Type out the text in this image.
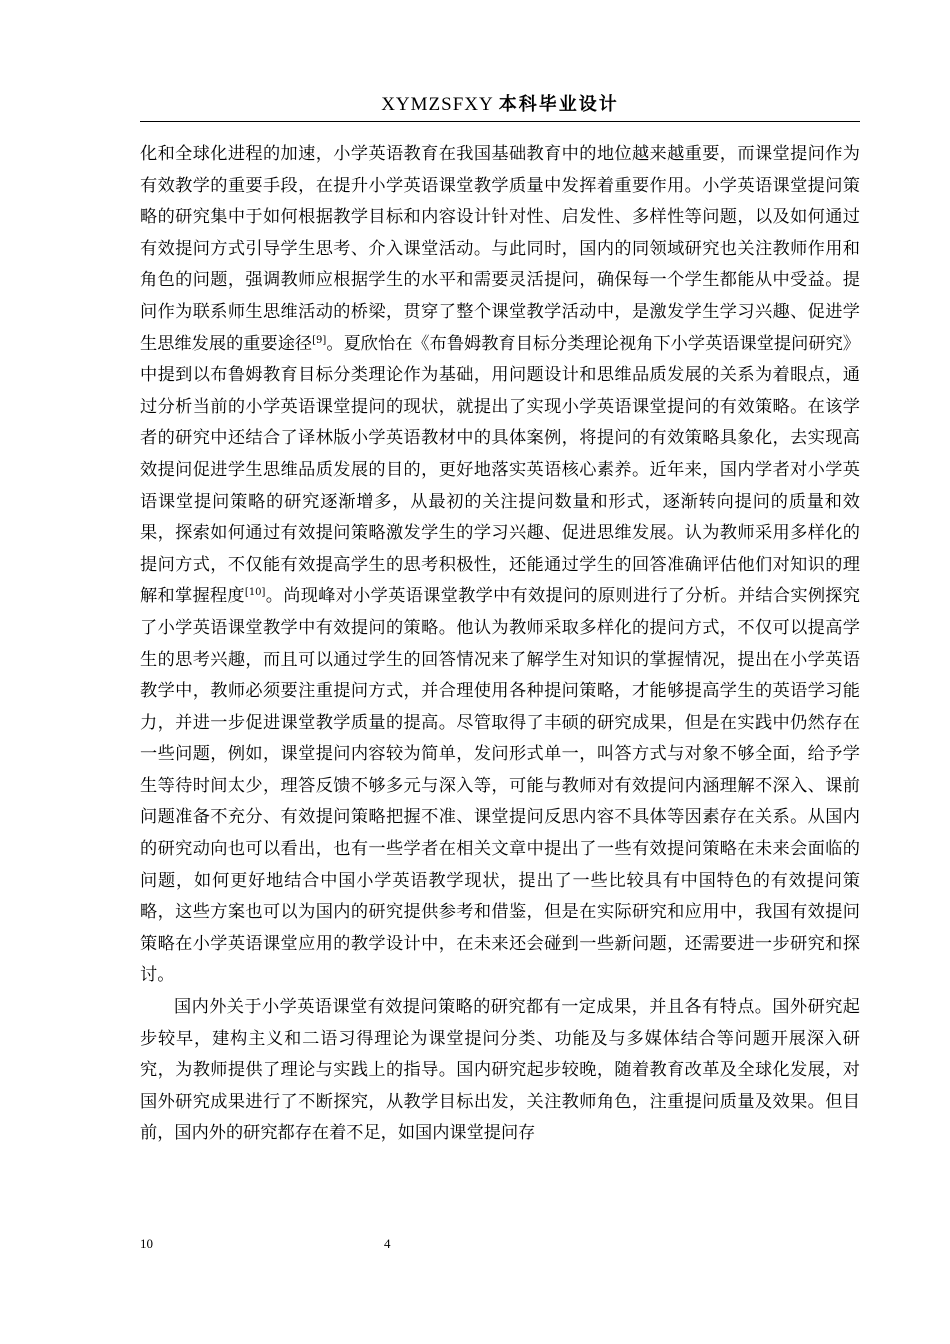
XYMZSFXY 本科毕业设计

化和全球化进程的加速，小学英语教育在我国基础教育中的地位越来越重要，而课堂提问作为有效教学的重要手段，在提升小学英语课堂教学质量中发挥着重要作用。小学英语课堂提问策略的研究集中于如何根据教学目标和内容设计针对性、启发性、多样性等问题，以及如何通过有效提问方式引导学生思考、介入课堂活动。与此同时，国内的同领域研究也关注教师作用和角色的问题，强调教师应根据学生的水平和需要灵活提问，确保每一个学生都能从中受益。提问作为联系师生思维活动的桥梁，贯穿了整个课堂教学活动中，是激发学生学习兴趣、促进学生思维发展的重要途径[9]。夏欣怡在《布鲁姆教育目标分类理论视角下小学英语课堂提问研究》中提到以布鲁姆教育目标分类理论作为基础，用问题设计和思维品质发展的关系为着眼点，通过分析当前的小学英语课堂提问的现状，就提出了实现小学英语课堂提问的有效策略。在该学者的研究中还结合了译林版小学英语教材中的具体案例，将提问的有效策略具象化，去实现高效提问促进学生思维品质发展的目的，更好地落实英语核心素养。近年来，国内学者对小学英语课堂提问策略的研究逐渐增多，从最初的关注提问数量和形式，逐渐转向提问的质量和效果，探索如何通过有效提问策略激发学生的学习兴趣、促进思维发展。认为教师采用多样化的提问方式，不仅能有效提高学生的思考积极性，还能通过学生的回答准确评估他们对知识的理解和掌握程度[10]。尚现峰对小学英语课堂教学中有效提问的原则进行了分析。并结合实例探究了小学英语课堂教学中有效提问的策略。他认为教师采取多样化的提问方式，不仅可以提高学生的思考兴趣，而且可以通过学生的回答情况来了解学生对知识的掌握情况，提出在小学英语教学中，教师必须要注重提问方式，并合理使用各种提问策略，才能够提高学生的英语学习能力，并进一步促进课堂教学质量的提高。尽管取得了丰硕的研究成果，但是在实践中仍然存在一些问题，例如，课堂提问内容较为简单，发问形式单一，叫答方式与对象不够全面，给予学生等待时间太少，理答反馈不够多元与深入等，可能与教师对有效提问内涵理解不深入、课前问题准备不充分、有效提问策略把握不准、课堂提问反思内容不具体等因素存在关系。从国内的研究动向也可以看出，也有一些学者在相关文章中提出了一些有效提问策略在未来会面临的问题，如何更好地结合中国小学英语教学现状，提出了一些比较具有中国特色的有效提问策略，这些方案也可以为国内的研究提供参考和借鉴，但是在实际研究和应用中，我国有效提问策略在小学英语课堂应用的教学设计中，在未来还会碰到一些新问题，还需要进一步研究和探讨。

国内外关于小学英语课堂有效提问策略的研究都有一定成果，并且各有特点。国外研究起步较早，建构主义和二语习得理论为课堂提问分类、功能及与多媒体结合等问题开展深入研究，为教师提供了理论与实践上的指导。国内研究起步较晚，随着教育改革及全球化发展，对国外研究成果进行了不断探究，从教学目标出发，关注教师角色，注重提问质量及效果。但目前，国内外的研究都存在着不足，如国内课堂提问存

10	4
